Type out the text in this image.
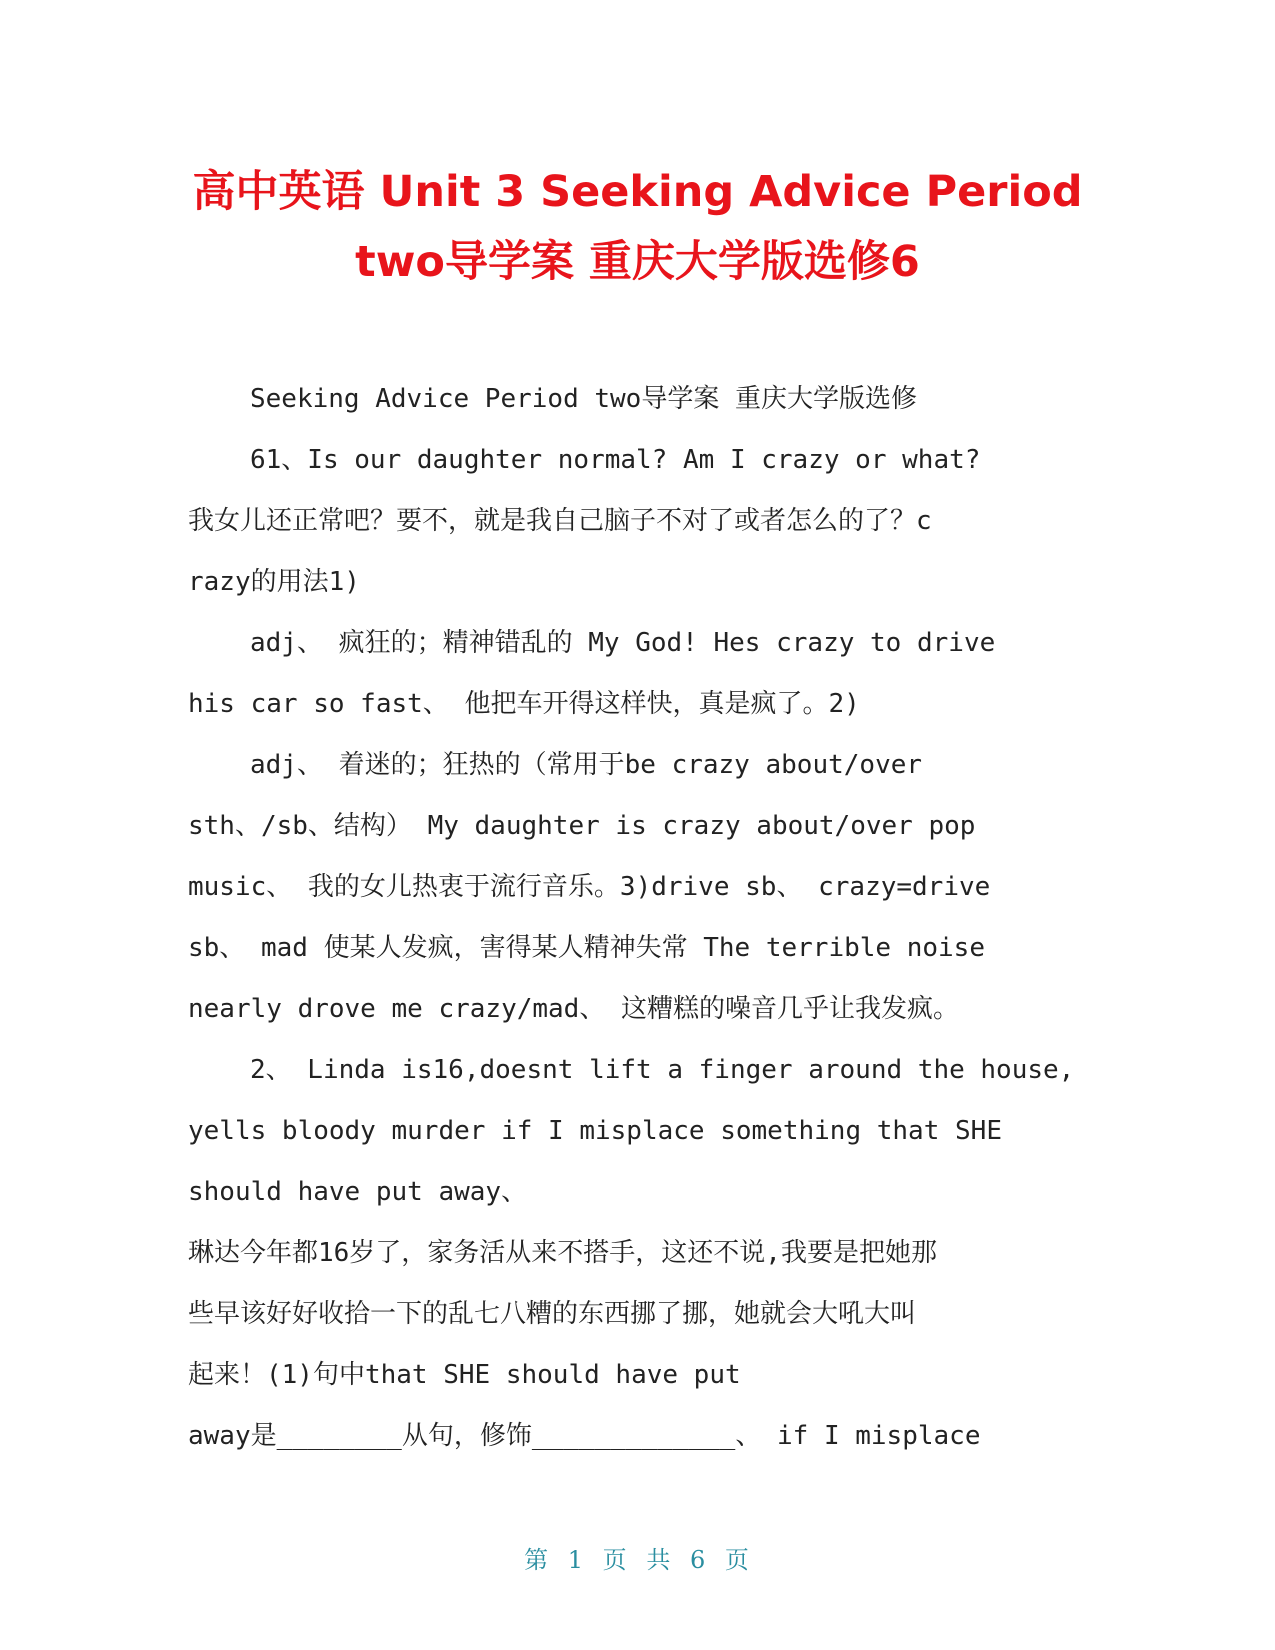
高中英语 Unit 3 Seeking Advice Period
two导学案 重庆大学版选修6
Seeking Advice Period two导学案 重庆大学版选修
61、Is our daughter normal? Am I crazy or what?
我女儿还正常吧？要不，就是我自己脑子不对了或者怎么的了？c
razy的用法1)
adj、 疯狂的；精神错乱的 My God! Hes crazy to drive
his car so fast、 他把车开得这样快，真是疯了。2)
adj、 着迷的；狂热的（常用于be crazy about/over
sth、/sb、结构） My daughter is crazy about/over pop
music、 我的女儿热衷于流行音乐。3)drive sb、 crazy=drive
sb、 mad 使某人发疯，害得某人精神失常 The terrible noise
nearly drove me crazy/mad、 这糟糕的噪音几乎让我发疯。
2、 Linda is16,doesnt lift a finger around the house,
yells bloody murder if I misplace something that SHE
should have put away、
琳达今年都16岁了，家务活从来不搭手，这还不说,我要是把她那
些早该好好收拾一下的乱七八糟的东西挪了挪，她就会大吼大叫
起来！(1)句中that SHE should have put
away是________从句，修饰_____________、 if I misplace
第 1 页 共 6 页
